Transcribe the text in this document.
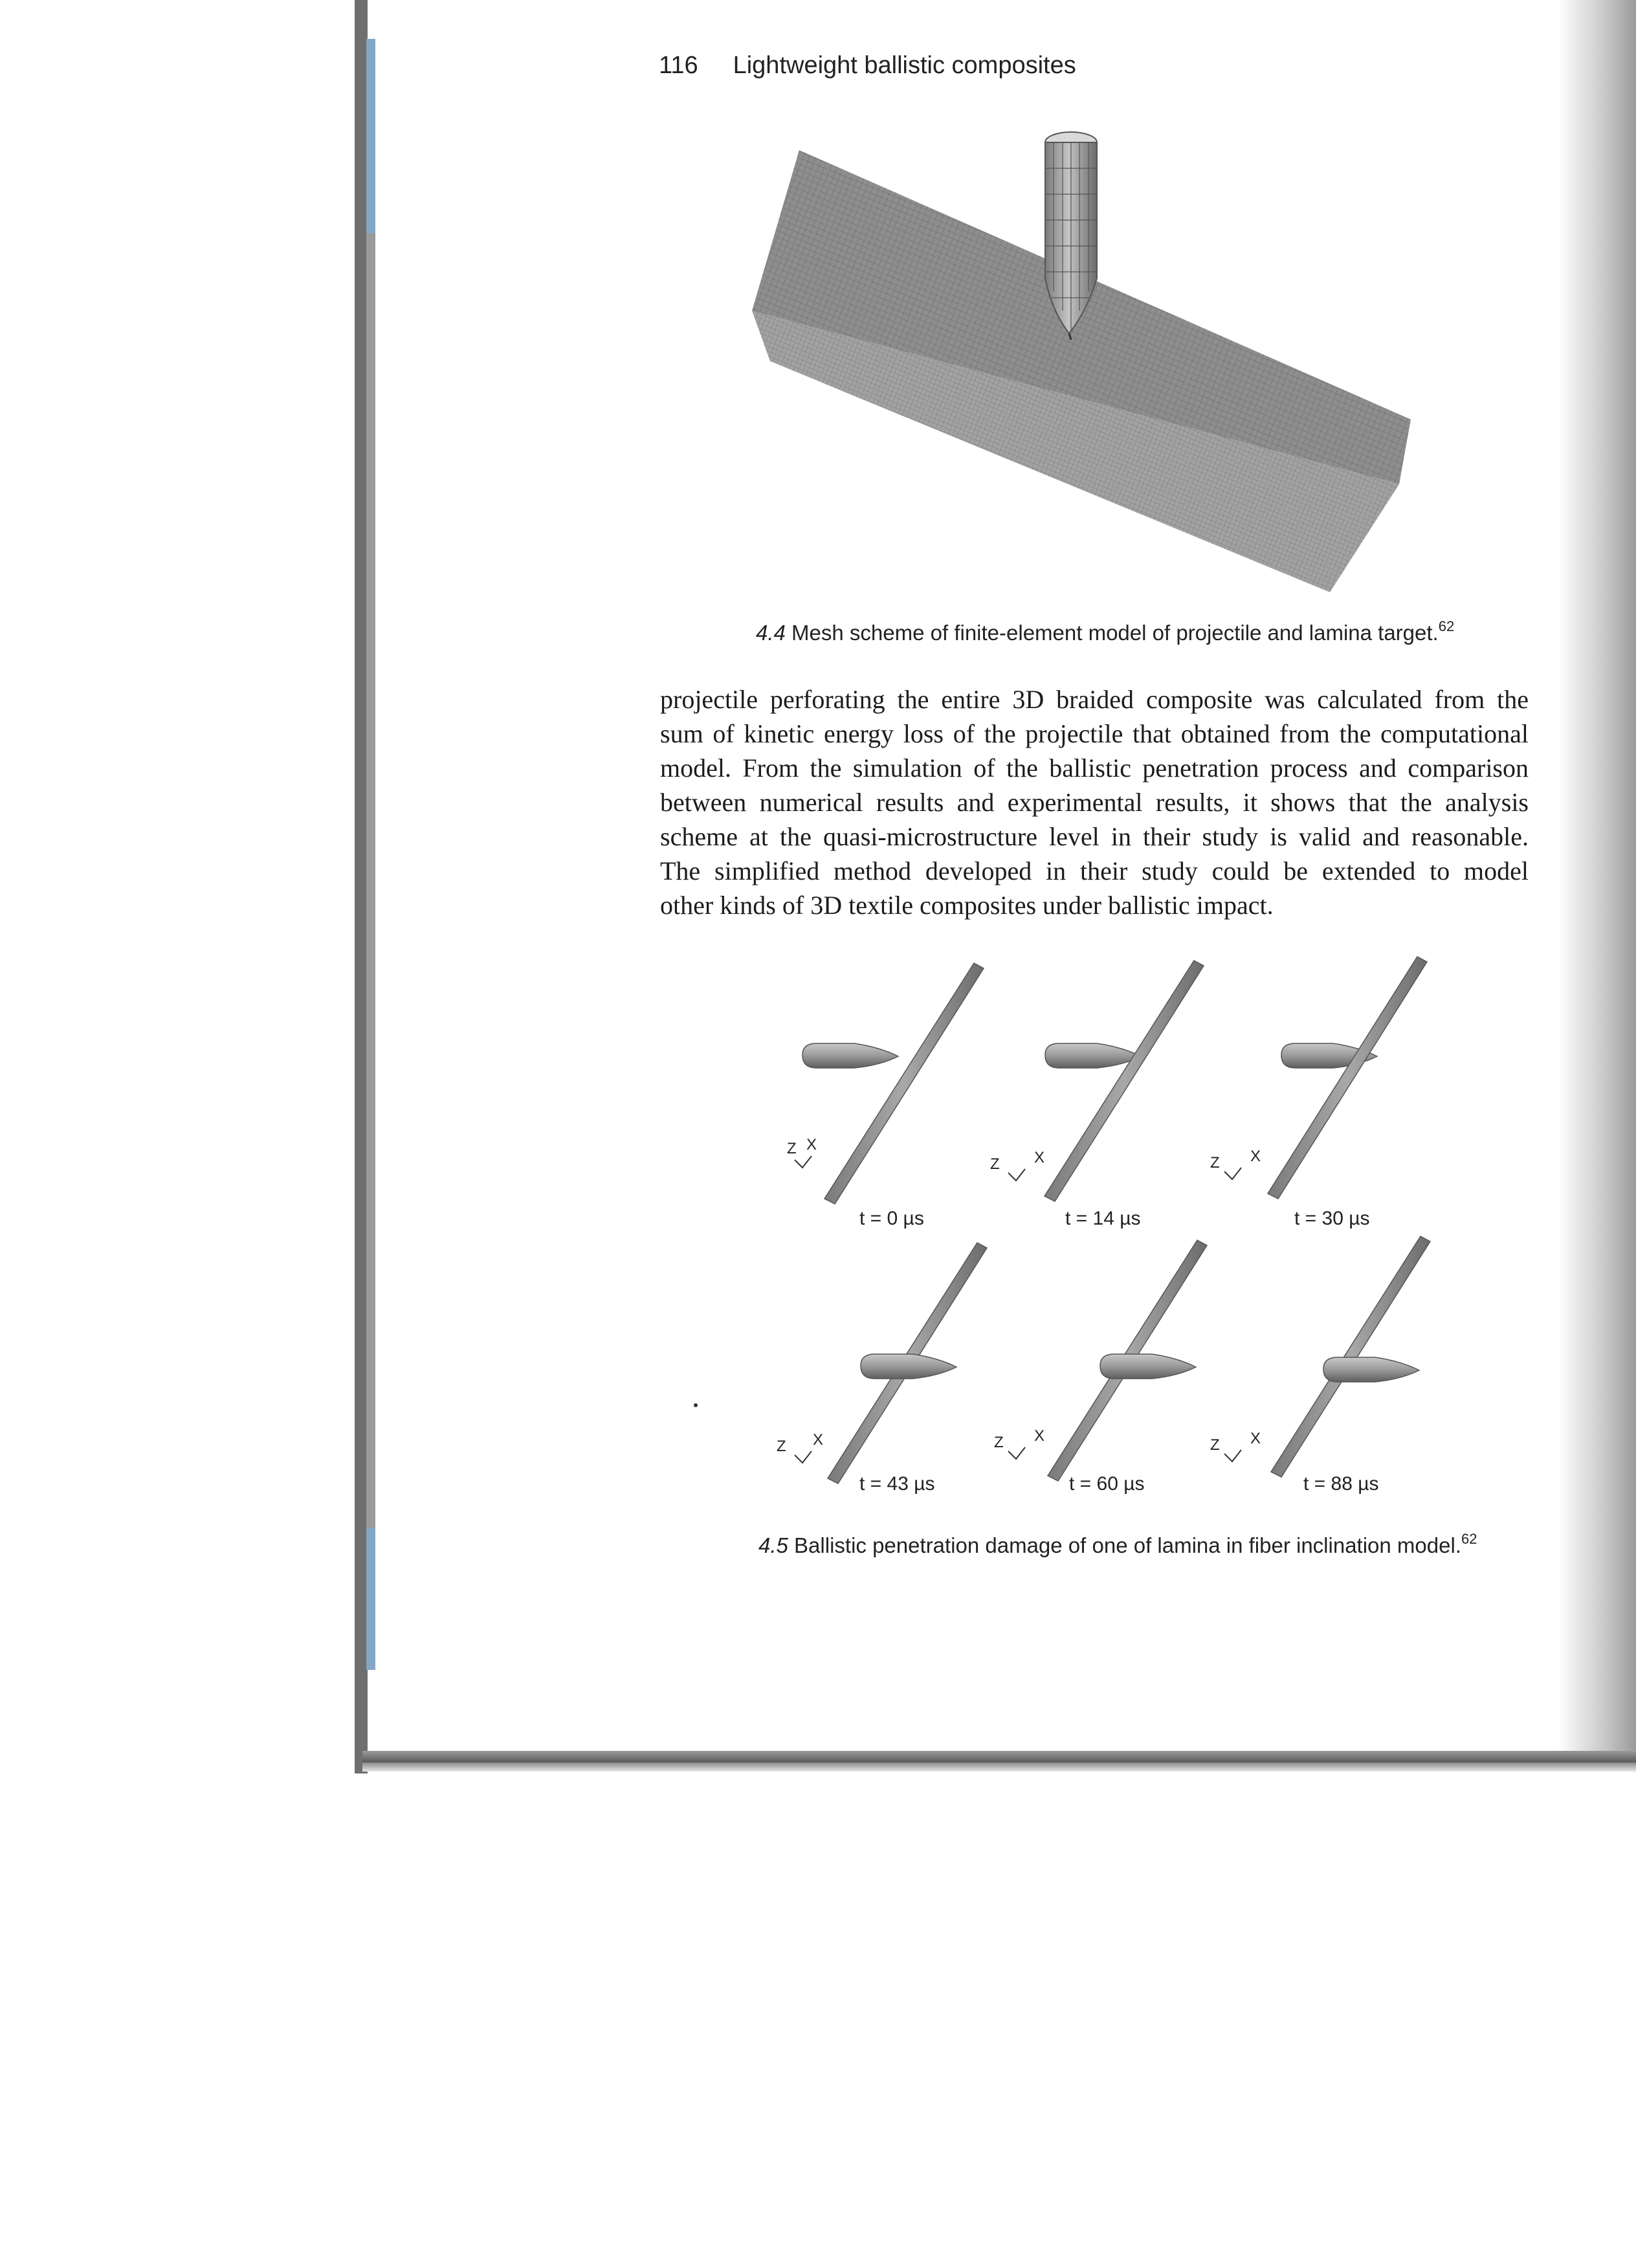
116 Lightweight ballistic composites
4.4 Mesh scheme of finite-element model of projectile and lamina target.$^{62}$
projectile perforating the entire 3D braided composite was calculated from the
sum of kinetic energy loss of the projectile that obtained from the computational
model. From the simulation of the ballistic penetration process and comparison
between numerical results and experimental results, it shows that the analysis
scheme at the quasi-microstructure level in their study is valid and reasonable.
The simplified method developed in their study could be extended to model
other kinds of 3D textile composites under ballistic impact.
Z X
t = 0 µs
Z X
t = 14 µs
Z X
t = 30 µs
Z X
t = 43 µs
Z X
t = 60 µs
Z X
t = 88 µs
4.5 Ballistic penetration damage of one of lamina in fiber inclination model.$^{62}$
